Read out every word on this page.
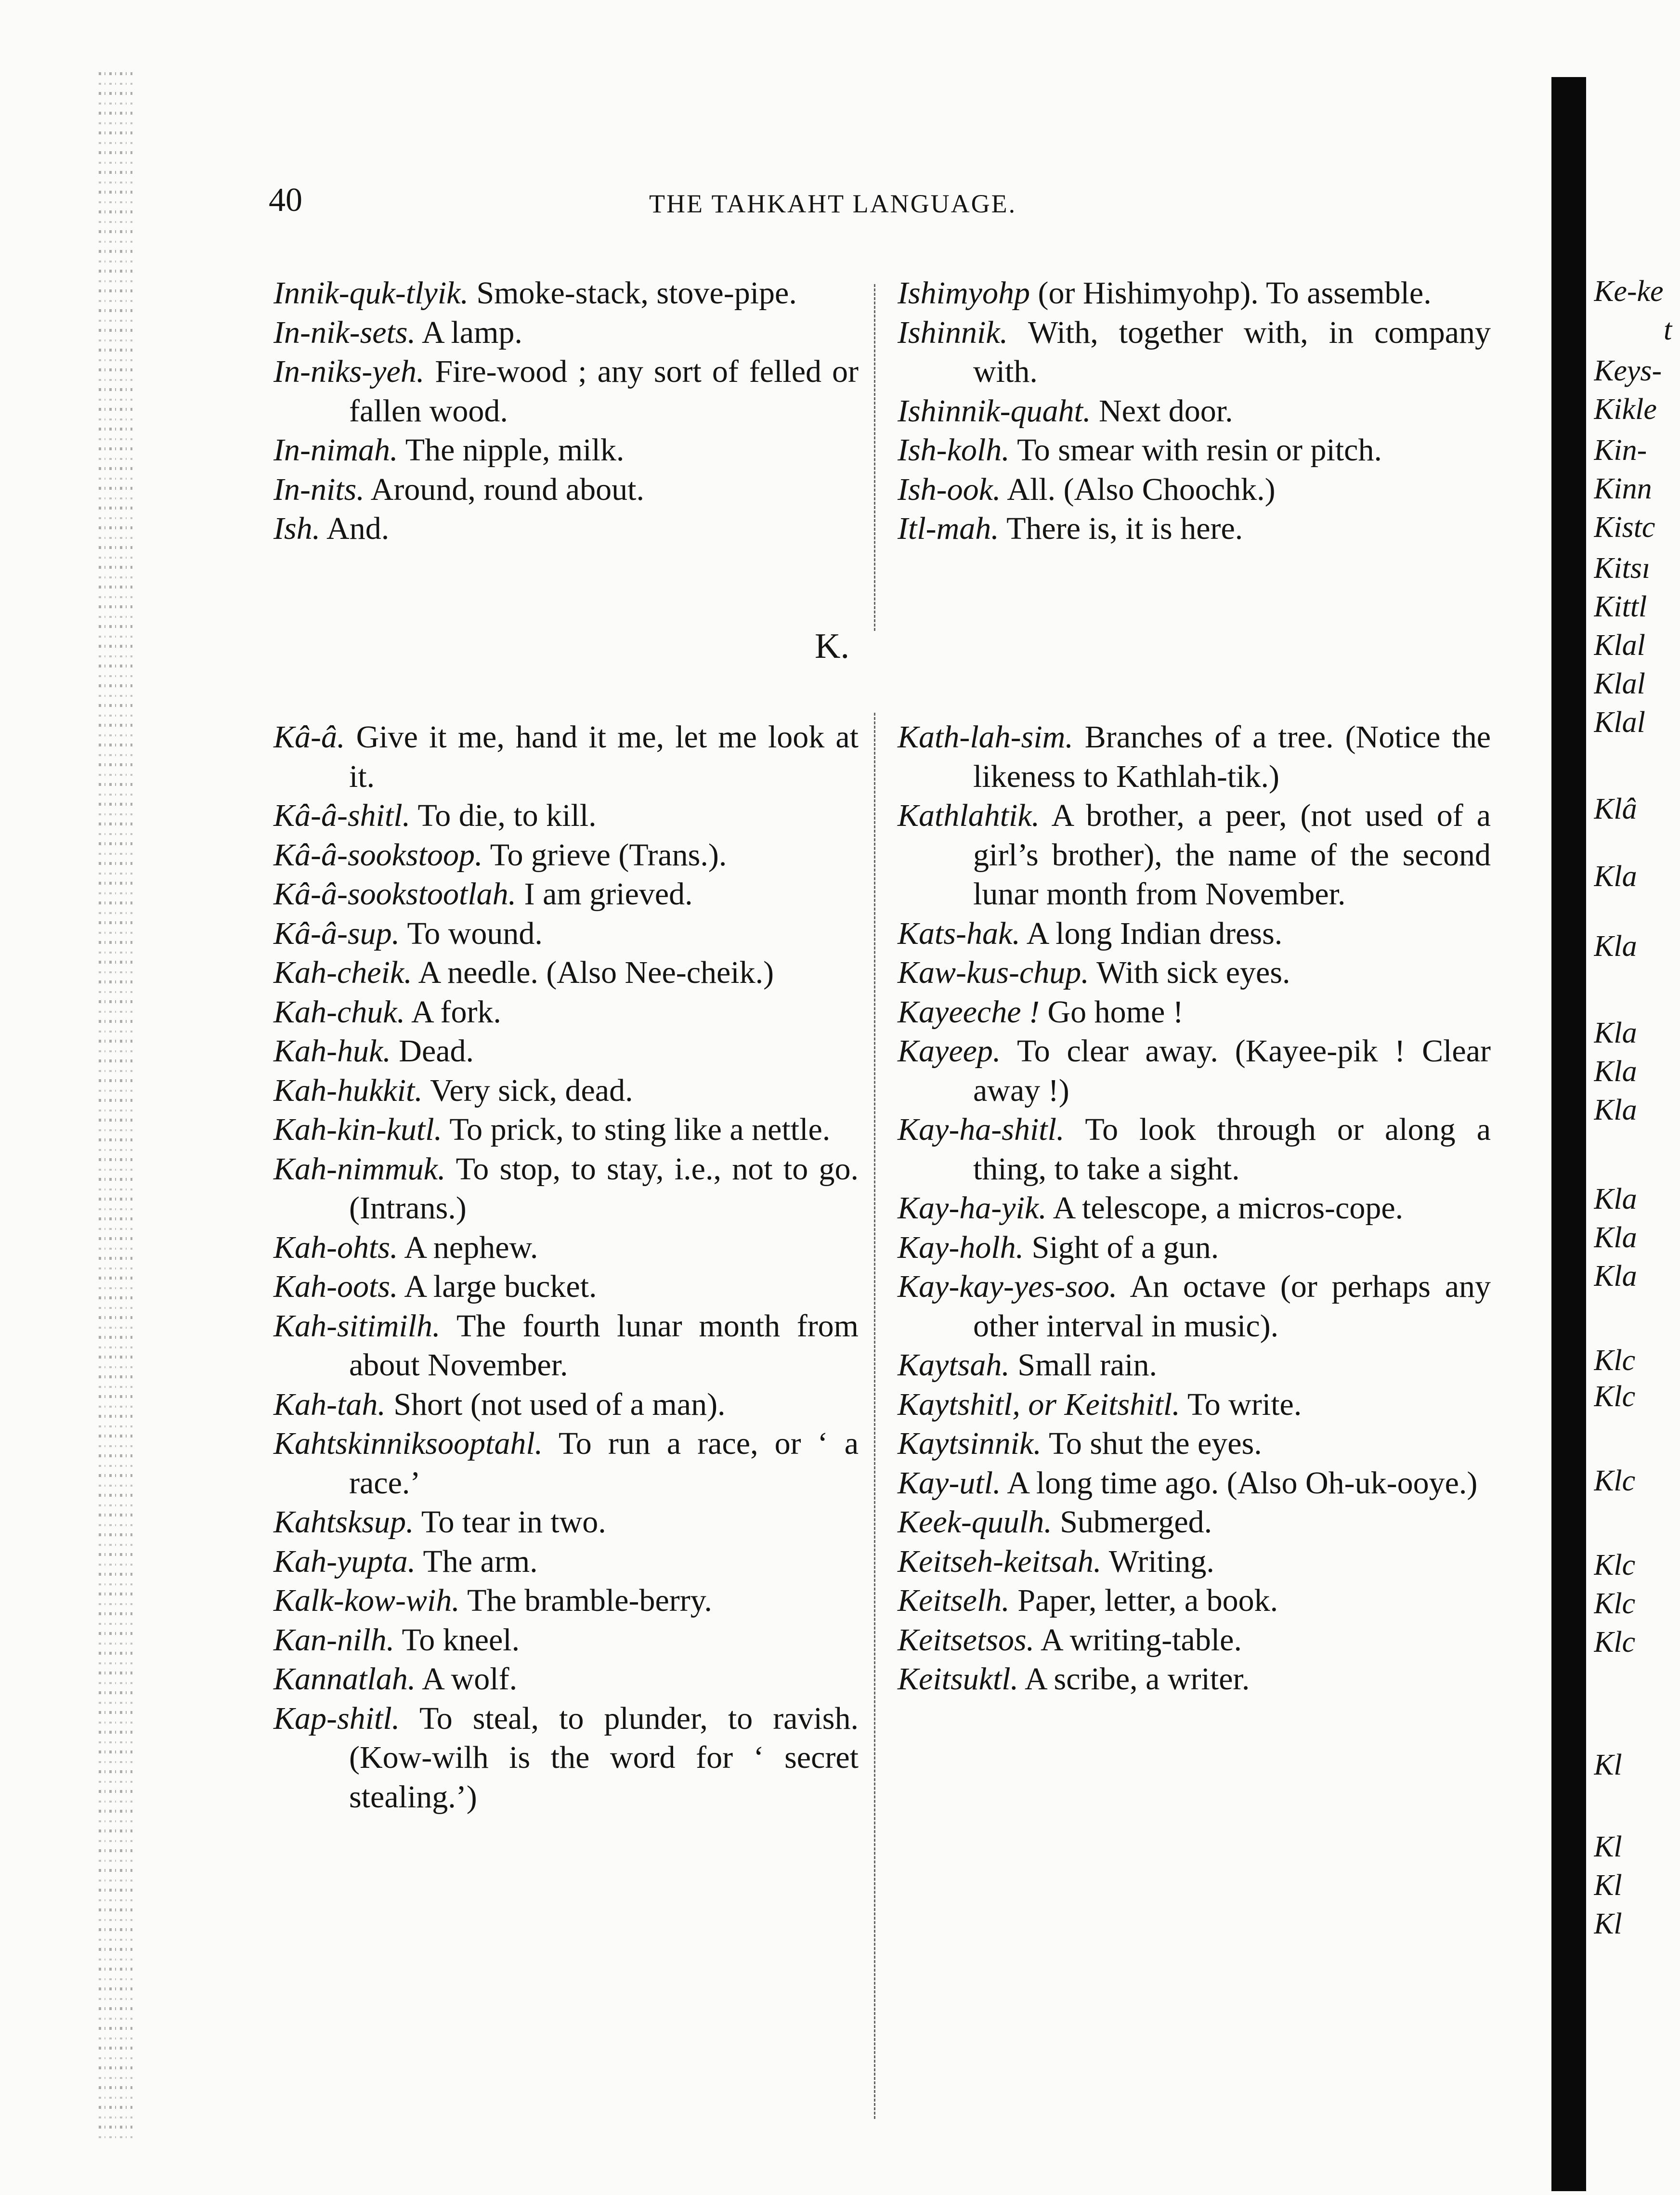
40	THE TAHKAHT LANGUAGE.

Innik-quk-tlyik. Smoke-stack, stove-pipe.

In-nik-sets. A lamp.

In-niks-yeh. Fire-wood ; any sort of felled or fallen wood.

In-nimah. The nipple, milk.

In-nits. Around, round about.

Ish. And.

Ishimyohp (or Hishimyohp). To assemble.

Ishinnik. With, together with, in company with.

Ishinnik-quaht. Next door.

Ish-kolh. To smear with resin or pitch.

Ish-ook. All. (Also Choochk.)

Itl-mah. There is, it is here.

K.

Kâ-â. Give it me, hand it me, let me look at it.

Kâ-â-shitl. To die, to kill.

Kâ-â-sookstoop. To grieve (Trans.).

Kâ-â-sookstootlah. I am grieved.

Kâ-â-sup. To wound.

Kah-cheik. A needle. (Also Nee-cheik.)

Kah-chuk. A fork.

Kah-huk. Dead.

Kah-hukkit. Very sick, dead.

Kah-kin-kutl. To prick, to sting like a nettle.

Kah-nimmuk. To stop, to stay, i.e., not to go. (Intrans.)

Kah-ohts. A nephew.

Kah-oots. A large bucket.

Kah-sitimilh. The fourth lunar month from about November.

Kah-tah. Short (not used of a man).

Kahtskinniksooptahl. To run a race, or ‘ a race.’

Kahtsksup. To tear in two.

Kah-yupta. The arm.

Kalk-kow-wih. The bramble-berry.

Kan-nilh. To kneel.

Kannatlah. A wolf.

Kap-shitl. To steal, to plunder, to ravish. (Kow-wilh is the word for ‘ secret stealing.’)

Kath-lah-sim. Branches of a tree. (Notice the likeness to Kathlah-tik.)

Kathlahtik. A brother, a peer, (not used of a girl’s brother), the name of the second lunar month from November.

Kats-hak. A long Indian dress.

Kaw-kus-chup. With sick eyes.

Kayeeche ! Go home !

Kayeep. To clear away. (Kayee-pik ! Clear away !)

Kay-ha-shitl. To look through or along a thing, to take a sight.

Kay-ha-yik. A telescope, a micros-cope.

Kay-holh. Sight of a gun.

Kay-kay-yes-soo. An octave (or perhaps any other interval in music).

Kaytsah. Small rain.

Kaytshitl, or Keitshitl. To write.

Kaytsinnik. To shut the eyes.

Kay-utl. A long time ago. (Also Oh-uk-ooye.)

Keek-quulh. Submerged.

Keitseh-keitsah. Writing.

Keitselh. Paper, letter, a book.

Keitsetsos. A writing-table.

Keitsuktl. A scribe, a writer.

Ke-ke
t
Keys-
Kikle
Kin-
Kinn
Kistc
Kitsı
Kittl
Klal
Klal
Klal
Klâ
Kla
Kla
Kla
Kla
Kla
Kla
Kla
Kla
Klc
Klc
Klc
Klc
Klc
Klc
Kl
Kl
Kl
Kl
